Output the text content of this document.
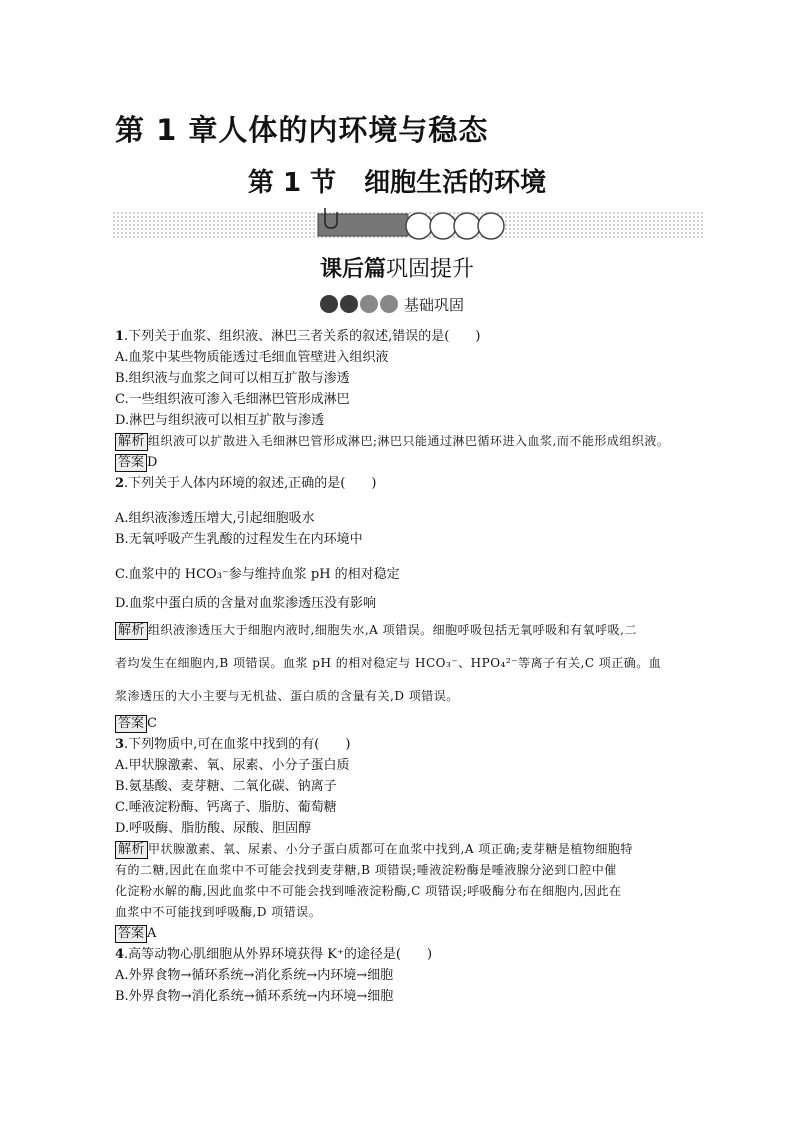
第 1 章人体的内环境与稳态
第 1 节 细胞生活的环境
课后篇巩固提升
基础巩固
1.下列关于血浆、组织液、淋巴三者关系的叙述,错误的是(　　)
A.血浆中某些物质能透过毛细血管壁进入组织液
B.组织液与血浆之间可以相互扩散与渗透
C.一些组织液可渗入毛细淋巴管形成淋巴
D.淋巴与组织液可以相互扩散与渗透
解析 组织液可以扩散进入毛细淋巴管形成淋巴;淋巴只能通过淋巴循环进入血浆,而不能形成组织液。
答案 D
2.下列关于人体内环境的叙述,正确的是(　　)
A.组织液渗透压增大,引起细胞吸水
B.无氧呼吸产生乳酸的过程发生在内环境中
C.血浆中的 HCO₃⁻参与维持血浆 pH 的相对稳定
D.血浆中蛋白质的含量对血浆渗透压没有影响
解析 组织液渗透压大于细胞内液时,细胞失水,A 项错误。细胞呼吸包括无氧呼吸和有氧呼吸,二
者均发生在细胞内,B 项错误。血浆 pH 的相对稳定与 HCO₃⁻、HPO₄²⁻等离子有关,C 项正确。血
浆渗透压的大小主要与无机盐、蛋白质的含量有关,D 项错误。
答案 C
3.下列物质中,可在血浆中找到的有(　　)
A.甲状腺激素、氧、尿素、小分子蛋白质
B.氨基酸、麦芽糖、二氧化碳、钠离子
C.唾液淀粉酶、钙离子、脂肪、葡萄糖
D.呼吸酶、脂肪酸、尿酸、胆固醇
解析 甲状腺激素、氧、尿素、小分子蛋白质都可在血浆中找到,A 项正确;麦芽糖是植物细胞特
有的二糖,因此在血浆中不可能会找到麦芽糖,B 项错误;唾液淀粉酶是唾液腺分泌到口腔中催
化淀粉水解的酶,因此血浆中不可能会找到唾液淀粉酶,C 项错误;呼吸酶分布在细胞内,因此在
血浆中不可能找到呼吸酶,D 项错误。
答案 A
4.高等动物心肌细胞从外界环境获得 K⁺的途径是(　　)
A.外界食物→循环系统→消化系统→内环境→细胞
B.外界食物→消化系统→循环系统→内环境→细胞
